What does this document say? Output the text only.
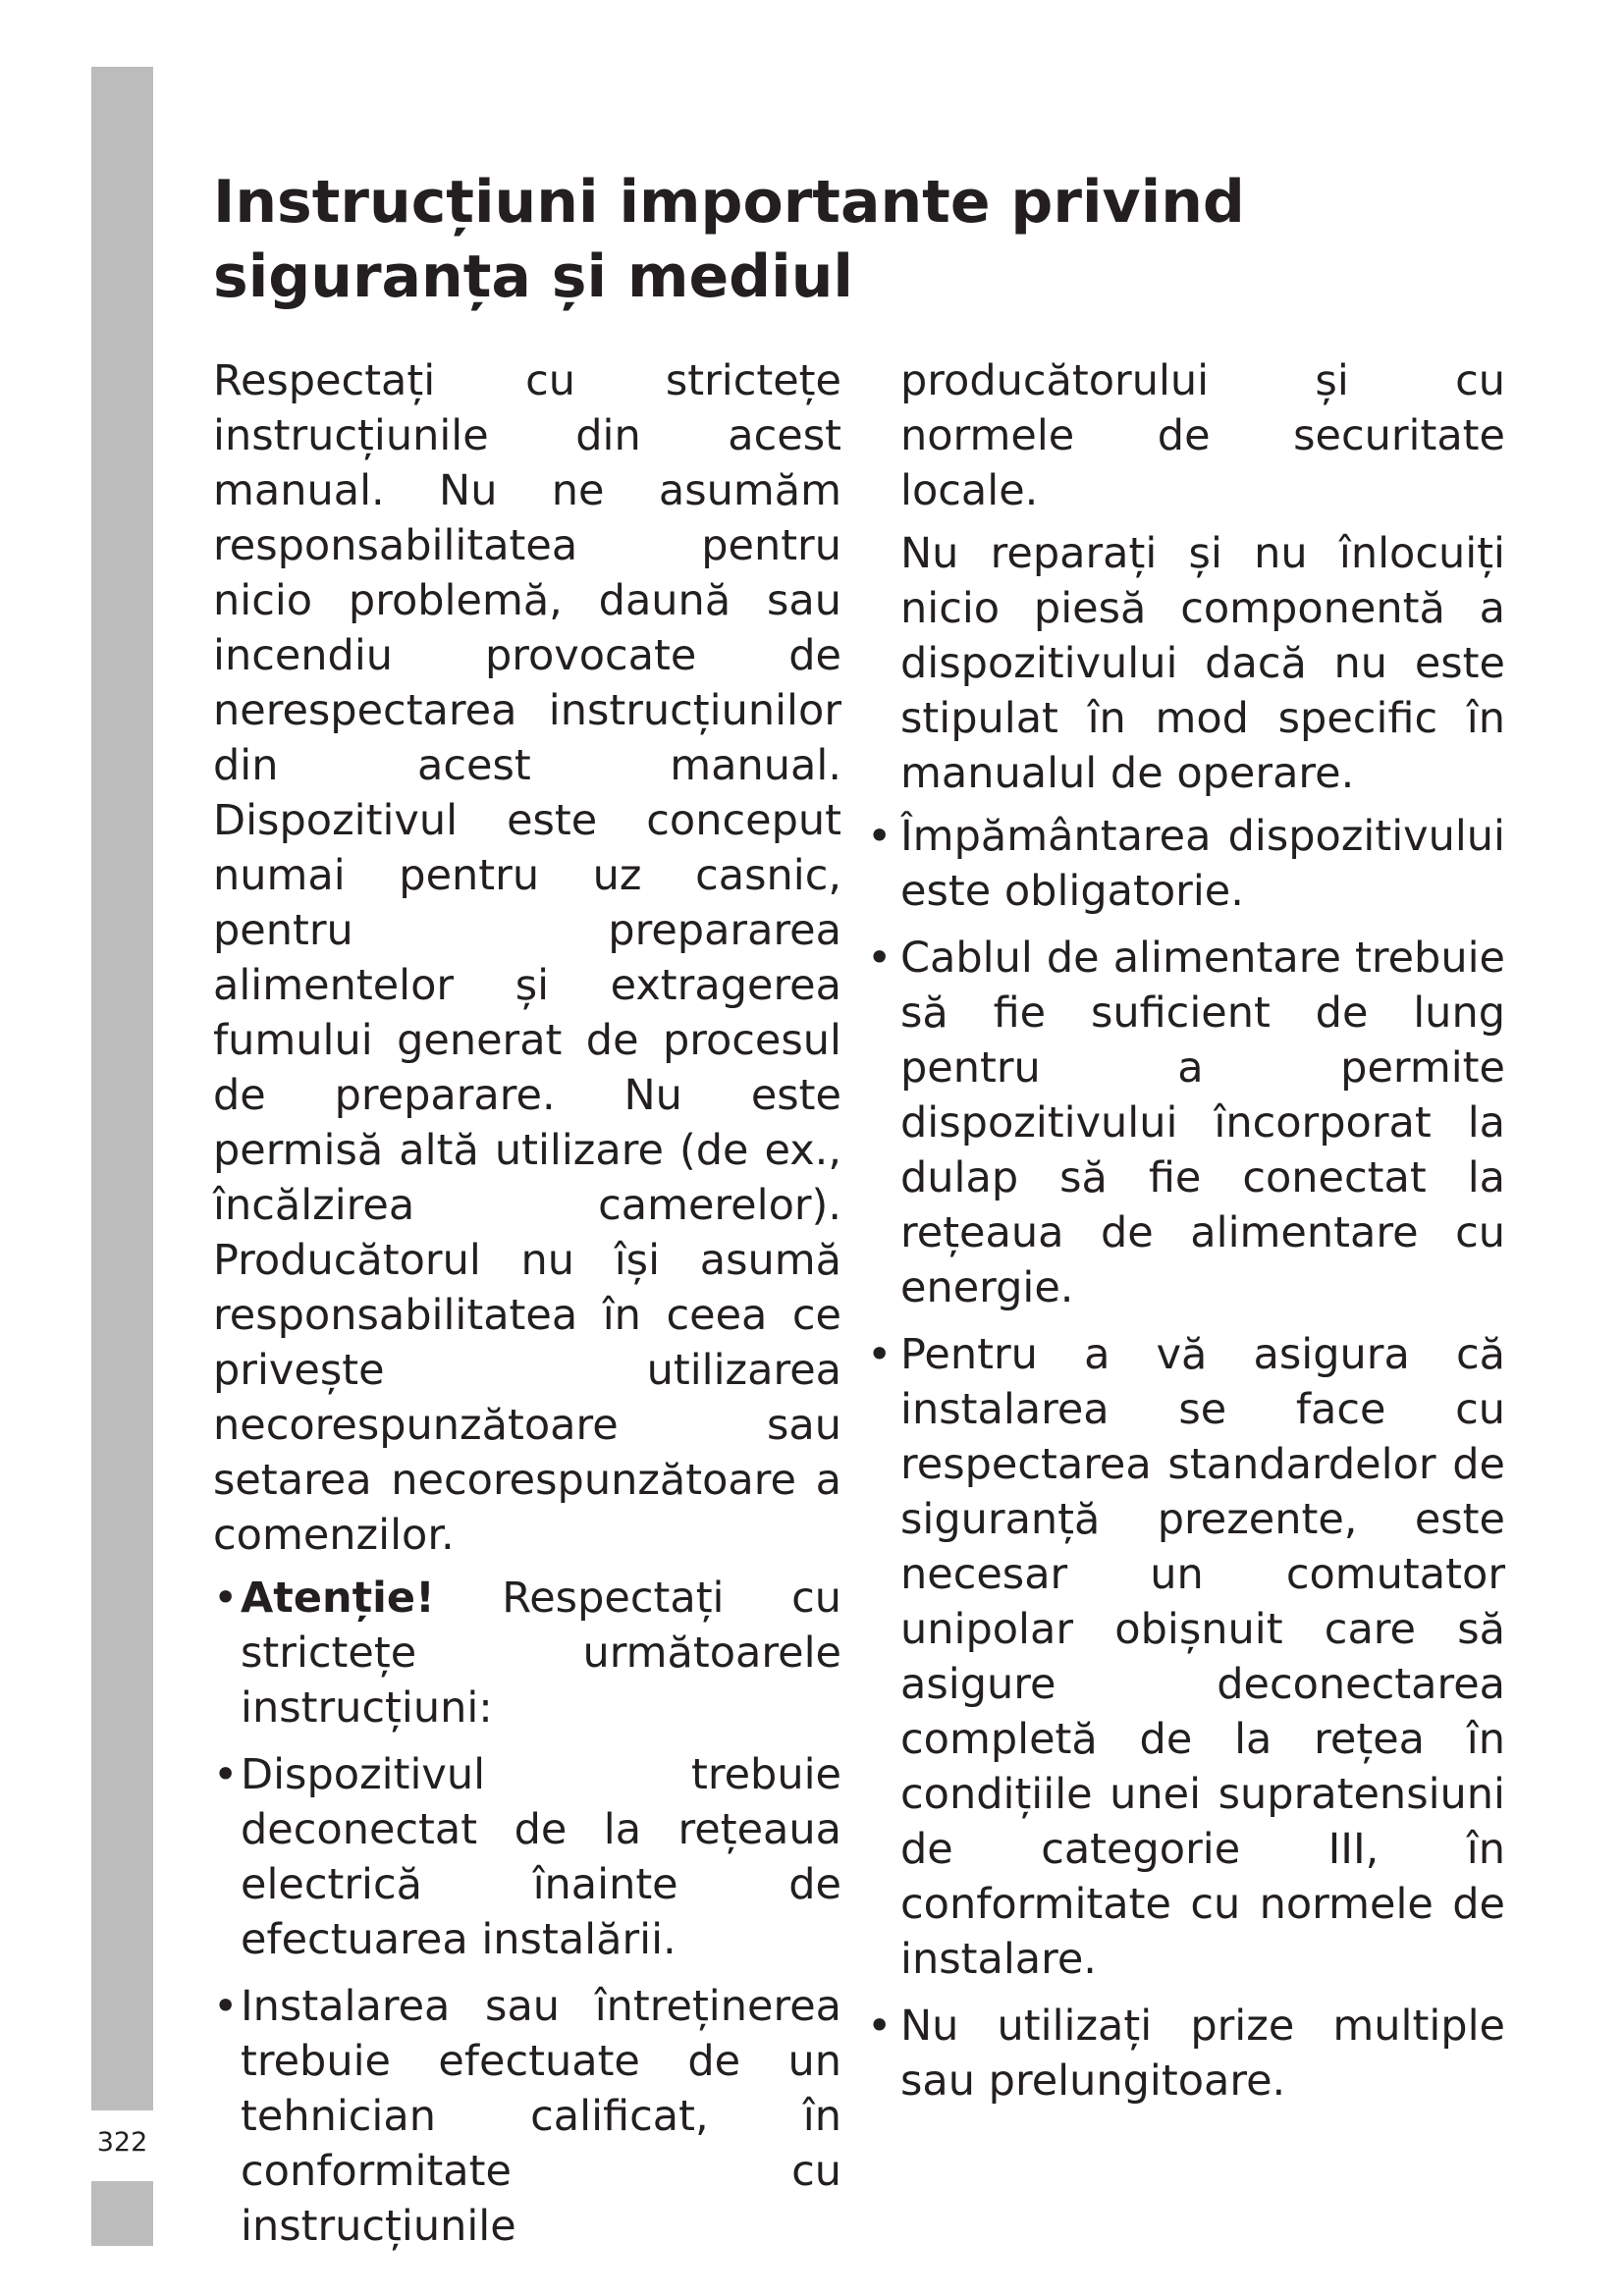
322
Instrucțiuni importante privind siguranța și mediul

Respectați cu strictețe instrucțiunile din acest manual. Nu ne asumăm responsabilitatea pentru nicio problemă, daună sau incendiu provocate de nerespectarea instrucțiunilor din acest manual. Dispozitivul este conceput numai pentru uz casnic, pentru prepararea alimentelor și extragerea fumului generat de procesul de preparare. Nu este permisă altă utilizare (de ex., încălzirea camerelor). Producătorul nu își asumă responsabilitatea în ceea ce privește utilizarea necorespunzătoare sau setarea necorespunzătoare a comenzilor.

• Atenție! Respectați cu strictețe următoarele instrucțiuni:
• Dispozitivul trebuie deconectat de la rețeaua electrică înainte de efectuarea instalării.
• Instalarea sau întreținerea trebuie efectuate de un tehnician calificat, în conformitate cu instrucțiunile

producătorului și cu normele de securitate locale.

Nu reparați și nu înlocuiți nicio piesă componentă a dispozitivului dacă nu este stipulat în mod specific în manualul de operare.

• Împământarea dispozitivului este obligatorie.
• Cablul de alimentare trebuie să fie suficient de lung pentru a permite dispozitivului încorporat la dulap să fie conectat la rețeaua de alimentare cu energie.
• Pentru a vă asigura că instalarea se face cu respectarea standardelor de siguranță prezente, este necesar un comutator unipolar obișnuit care să asigure deconectarea completă de la rețea în condițiile unei supratensiuni de categorie III, în conformitate cu normele de instalare.
• Nu utilizați prize multiple sau prelungitoare.
